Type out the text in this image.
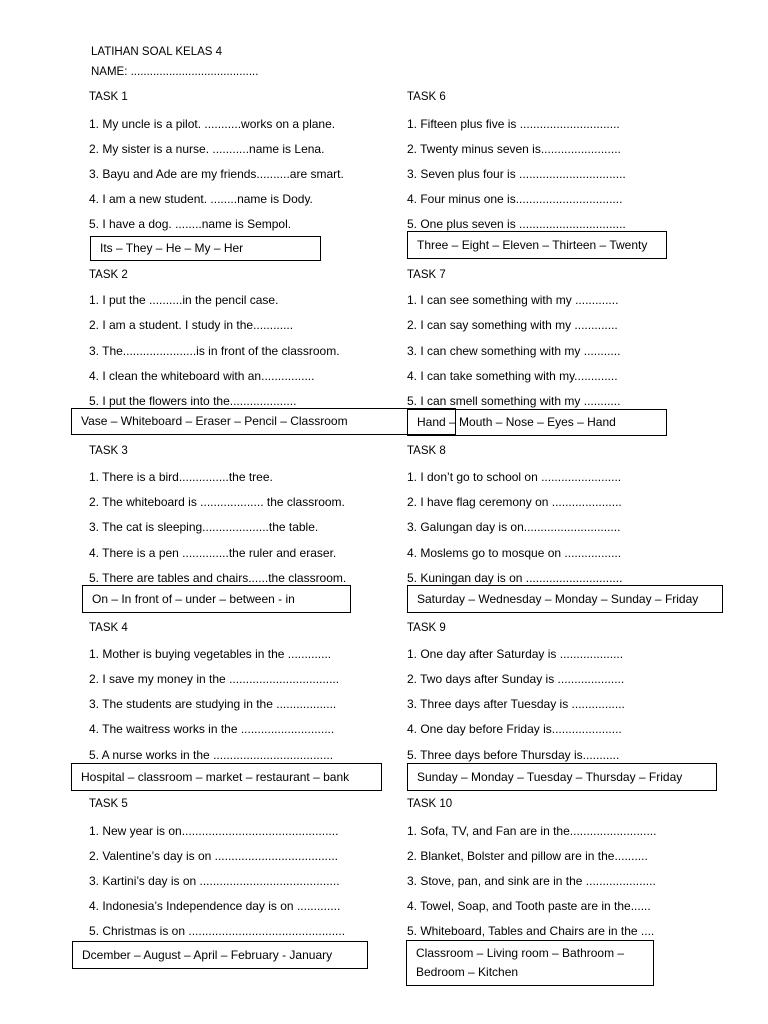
LATIHAN SOAL KELAS 4
NAME: ........................................
TASK 1
1. My uncle is a pilot. ...........works on a plane.
2. My sister is a nurse. ...........name is Lena.
3. Bayu and Ade are my friends..........are smart.
4. I am a new student. ........name is Dody.
5. I have a dog. ........name is Sempol.
Its – They – He – My – Her
TASK 2
1. I put the ..........in the pencil case.
2. I am a student. I study in the............
3. The......................is in front of the classroom.
4. I clean the whiteboard with an................
5. I put the flowers into the....................
Vase – Whiteboard – Eraser – Pencil – Classroom
TASK 3
1. There is a bird...............the tree.
2. The whiteboard is ................... the classroom.
3. The cat is sleeping....................the table.
4. There is a pen ..............the ruler and eraser.
5. There are tables and chairs......the classroom.
On – In front of – under – between - in
TASK 4
1. Mother is buying vegetables in the .............
2. I save my money in the .................................
3. The students are studying in the ..................
4. The waitress works in the ............................
5. A nurse works in the ....................................
Hospital – classroom – market – restaurant – bank
TASK 5
1. New year is on...............................................
2. Valentine’s day is on .....................................
3. Kartini’s day is on ..........................................
4. Indonesia’s Independence day is on .............
5. Christmas is on ...............................................
Dcember – August – April – February - January
TASK 6
1. Fifteen plus five is ..............................
2. Twenty minus seven is........................
3. Seven plus four is ................................
4. Four minus one is................................
5. One plus seven is ................................
Three – Eight – Eleven – Thirteen – Twenty
TASK 7
1. I can see something with my .............
2. I can say something with my .............
3. I can chew something with my ...........
4. I can take something with my.............
5. I can smell something with my ...........
Hand – Mouth – Nose – Eyes – Hand
TASK 8
1. I don’t go to school on ........................
2. I have flag ceremony on .....................
3. Galungan day is on.............................
4. Moslems go to mosque on .................
5. Kuningan day is on .............................
Saturday – Wednesday – Monday – Sunday – Friday
TASK 9
1. One day after Saturday is ...................
2. Two days after Sunday is ....................
3. Three days after Tuesday is ................
4. One day before Friday is.....................
5. Three days before Thursday is...........
Sunday – Monday – Tuesday – Thursday – Friday
TASK 10
1. Sofa, TV, and Fan are in the..........................
2. Blanket, Bolster and pillow are in the..........
3. Stove, pan, and sink are in the .....................
4. Towel, Soap, and Tooth paste are in the......
5. Whiteboard, Tables and Chairs are in the ....
Classroom – Living room – Bathroom –
Bedroom – Kitchen
